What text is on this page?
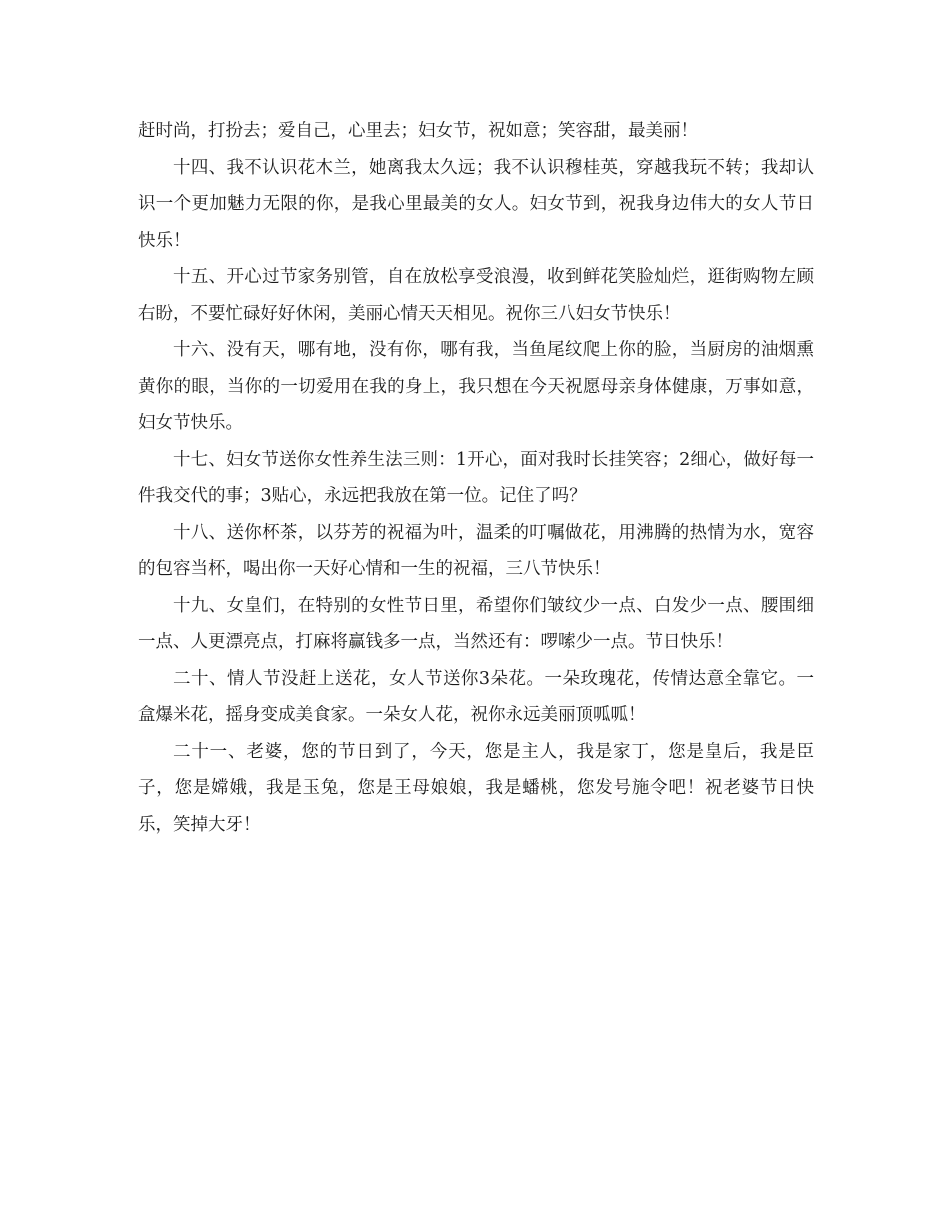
赶时尚，打扮去；爱自己，心里去；妇女节，祝如意；笑容甜，最美丽！

十四、我不认识花木兰，她离我太久远；我不认识穆桂英，穿越我玩不转；我却认识一个更加魅力无限的你，是我心里最美的女人。妇女节到，祝我身边伟大的女人节日快乐！

十五、开心过节家务别管，自在放松享受浪漫，收到鲜花笑脸灿烂，逛街购物左顾右盼，不要忙碌好好休闲，美丽心情天天相见。祝你三八妇女节快乐！

十六、没有天，哪有地，没有你，哪有我，当鱼尾纹爬上你的脸，当厨房的油烟熏黄你的眼，当你的一切爱用在我的身上，我只想在今天祝愿母亲身体健康，万事如意，妇女节快乐。

十七、妇女节送你女性养生法三则：1开心，面对我时长挂笑容；2细心，做好每一件我交代的事；3贴心，永远把我放在第一位。记住了吗？

十八、送你杯茶，以芬芳的祝福为叶，温柔的叮嘱做花，用沸腾的热情为水，宽容的包容当杯，喝出你一天好心情和一生的祝福，三八节快乐！

十九、女皇们，在特别的女性节日里，希望你们皱纹少一点、白发少一点、腰围细一点、人更漂亮点，打麻将赢钱多一点，当然还有：啰嗦少一点。节日快乐！

二十、情人节没赶上送花，女人节送你3朵花。一朵玫瑰花，传情达意全靠它。一盒爆米花，摇身变成美食家。一朵女人花，祝你永远美丽顶呱呱！

二十一、老婆，您的节日到了，今天，您是主人，我是家丁，您是皇后，我是臣子，您是嫦娥，我是玉兔，您是王母娘娘，我是蟠桃，您发号施令吧！祝老婆节日快乐，笑掉大牙！
